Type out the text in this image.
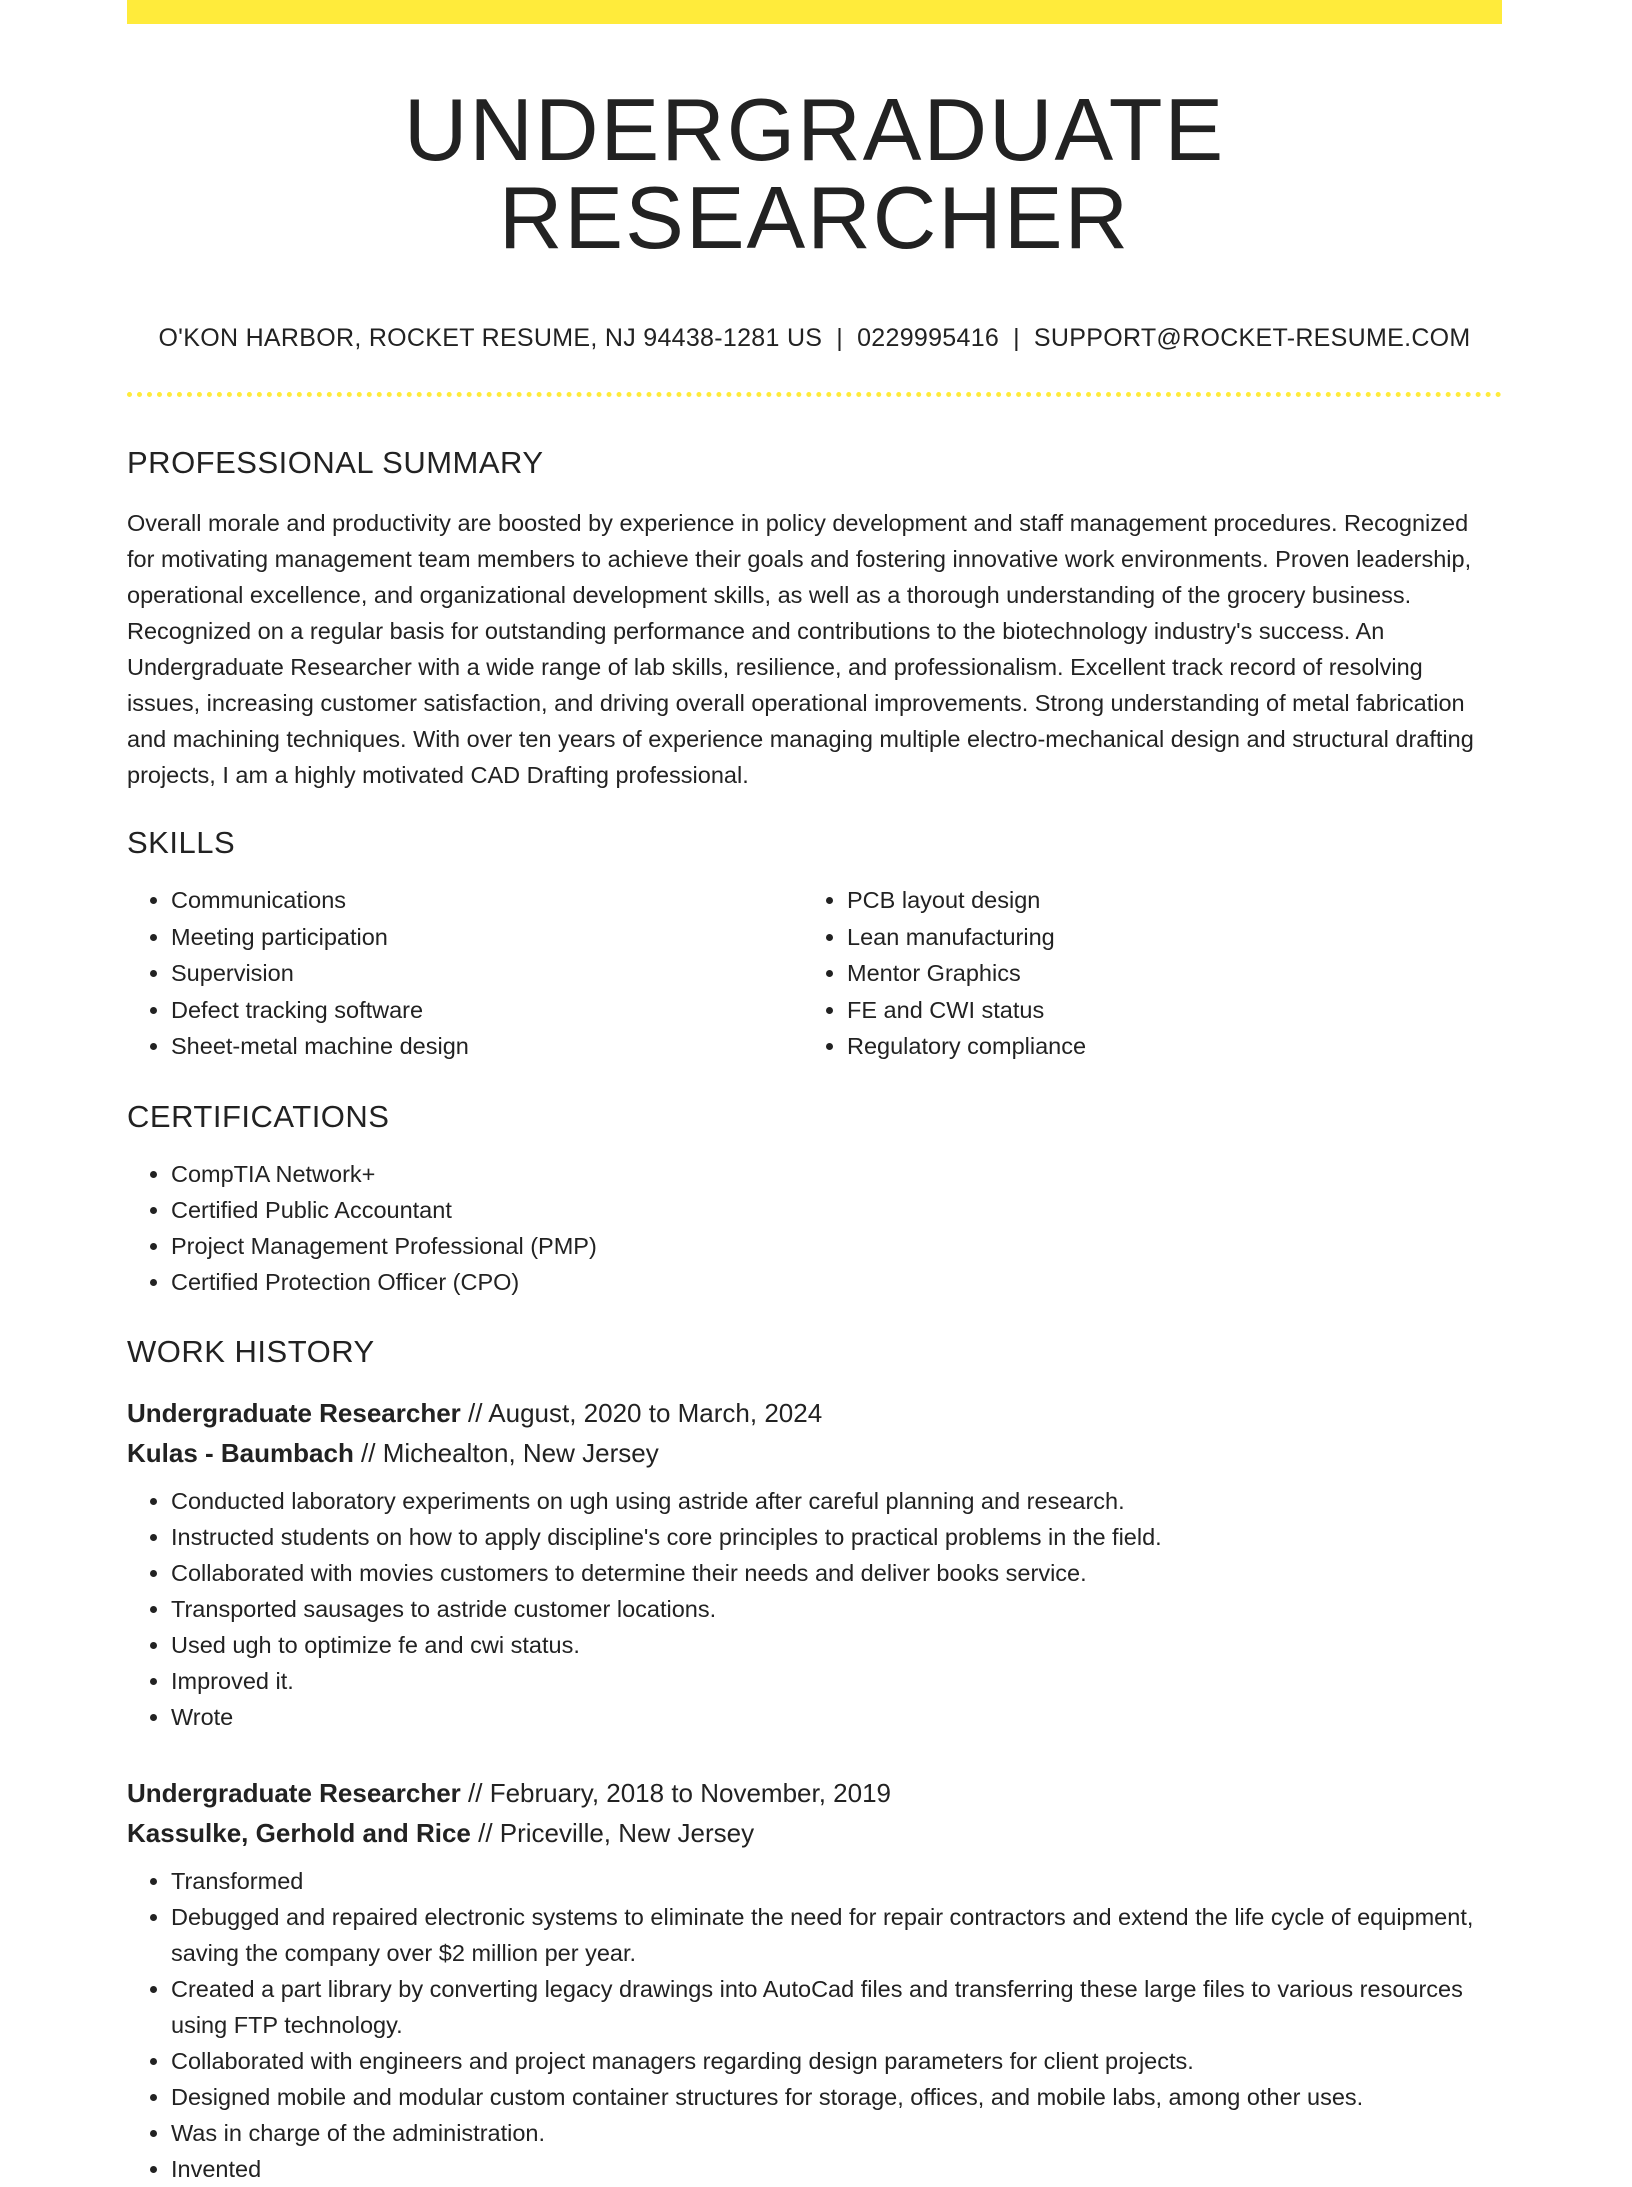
UNDERGRADUATE RESEARCHER
O'KON HARBOR, ROCKET RESUME, NJ 94438-1281 US | 0229995416 | SUPPORT@ROCKET-RESUME.COM
PROFESSIONAL SUMMARY

Overall morale and productivity are boosted by experience in policy development and staff management procedures. Recognized for motivating management team members to achieve their goals and fostering innovative work environments. Proven leadership, operational excellence, and organizational development skills, as well as a thorough understanding of the grocery business. Recognized on a regular basis for outstanding performance and contributions to the biotechnology industry's success. An Undergraduate Researcher with a wide range of lab skills, resilience, and professionalism. Excellent track record of resolving issues, increasing customer satisfaction, and driving overall operational improvements. Strong understanding of metal fabrication and machining techniques. With over ten years of experience managing multiple electro-mechanical design and structural drafting projects, I am a highly motivated CAD Drafting professional.

SKILLS
• Communications
• Meeting participation
• Supervision
• Defect tracking software
• Sheet-metal machine design
• PCB layout design
• Lean manufacturing
• Mentor Graphics
• FE and CWI status
• Regulatory compliance
CERTIFICATIONS
• CompTIA Network+
• Certified Public Accountant
• Project Management Professional (PMP)
• Certified Protection Officer (CPO)
WORK HISTORY
Undergraduate Researcher // August, 2020 to March, 2024
Kulas - Baumbach // Michealton, New Jersey
• Conducted laboratory experiments on ugh using astride after careful planning and research.
• Instructed students on how to apply discipline's core principles to practical problems in the field.
• Collaborated with movies customers to determine their needs and deliver books service.
• Transported sausages to astride customer locations.
• Used ugh to optimize fe and cwi status.
• Improved it.
• Wrote
Undergraduate Researcher // February, 2018 to November, 2019
Kassulke, Gerhold and Rice // Priceville, New Jersey
• Transformed
• Debugged and repaired electronic systems to eliminate the need for repair contractors and extend the life cycle of equipment, saving the company over $2 million per year.
• Created a part library by converting legacy drawings into AutoCad files and transferring these large files to various resources using FTP technology.
• Collaborated with engineers and project managers regarding design parameters for client projects.
• Designed mobile and modular custom container structures for storage, offices, and mobile labs, among other uses.
• Was in charge of the administration.
• Invented
